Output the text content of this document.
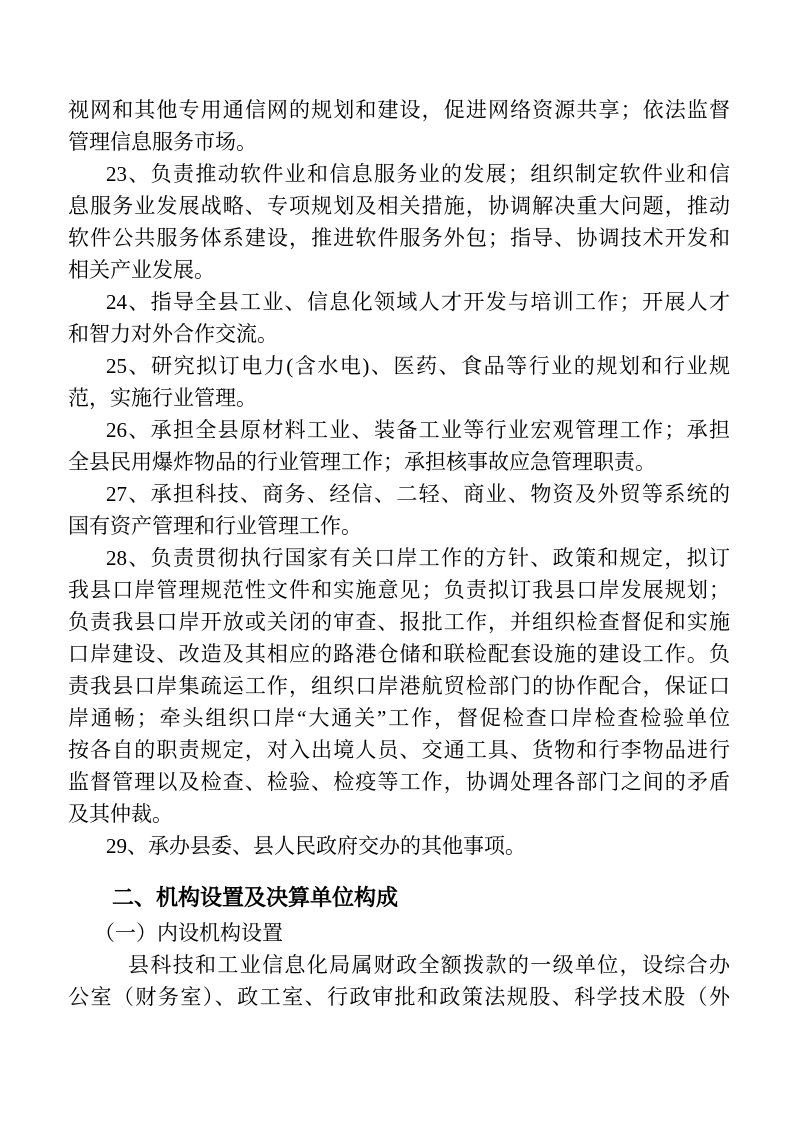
视网和其他专用通信网的规划和建设，促进网络资源共享；依法监督
管理信息服务市场。
23、负责推动软件业和信息服务业的发展；组织制定软件业和信
息服务业发展战略、专项规划及相关措施，协调解决重大问题，推动
软件公共服务体系建设，推进软件服务外包；指导、协调技术开发和
相关产业发展。
24、指导全县工业、信息化领域人才开发与培训工作；开展人才
和智力对外合作交流。
25、研究拟订电力(含水电)、医药、食品等行业的规划和行业规
范，实施行业管理。
26、承担全县原材料工业、装备工业等行业宏观管理工作；承担
全县民用爆炸物品的行业管理工作；承担核事故应急管理职责。
27、承担科技、商务、经信、二轻、商业、物资及外贸等系统的
国有资产管理和行业管理工作。
28、负责贯彻执行国家有关口岸工作的方针、政策和规定，拟订
我县口岸管理规范性文件和实施意见；负责拟订我县口岸发展规划；
负责我县口岸开放或关闭的审查、报批工作，并组织检查督促和实施
口岸建设、改造及其相应的路港仓储和联检配套设施的建设工作。负
责我县口岸集疏运工作，组织口岸港航贸检部门的协作配合，保证口
岸通畅；牵头组织口岸“大通关”工作，督促检查口岸检查检验单位
按各自的职责规定，对入出境人员、交通工具、货物和行李物品进行
监督管理以及检查、检验、检疫等工作，协调处理各部门之间的矛盾
及其仲裁。
29、承办县委、县人民政府交办的其他事项。
二、机构设置及决算单位构成
（一）内设机构设置
县科技和工业信息化局属财政全额拨款的一级单位，设综合办
公室（财务室）、政工室、行政审批和政策法规股、科学技术股（外
